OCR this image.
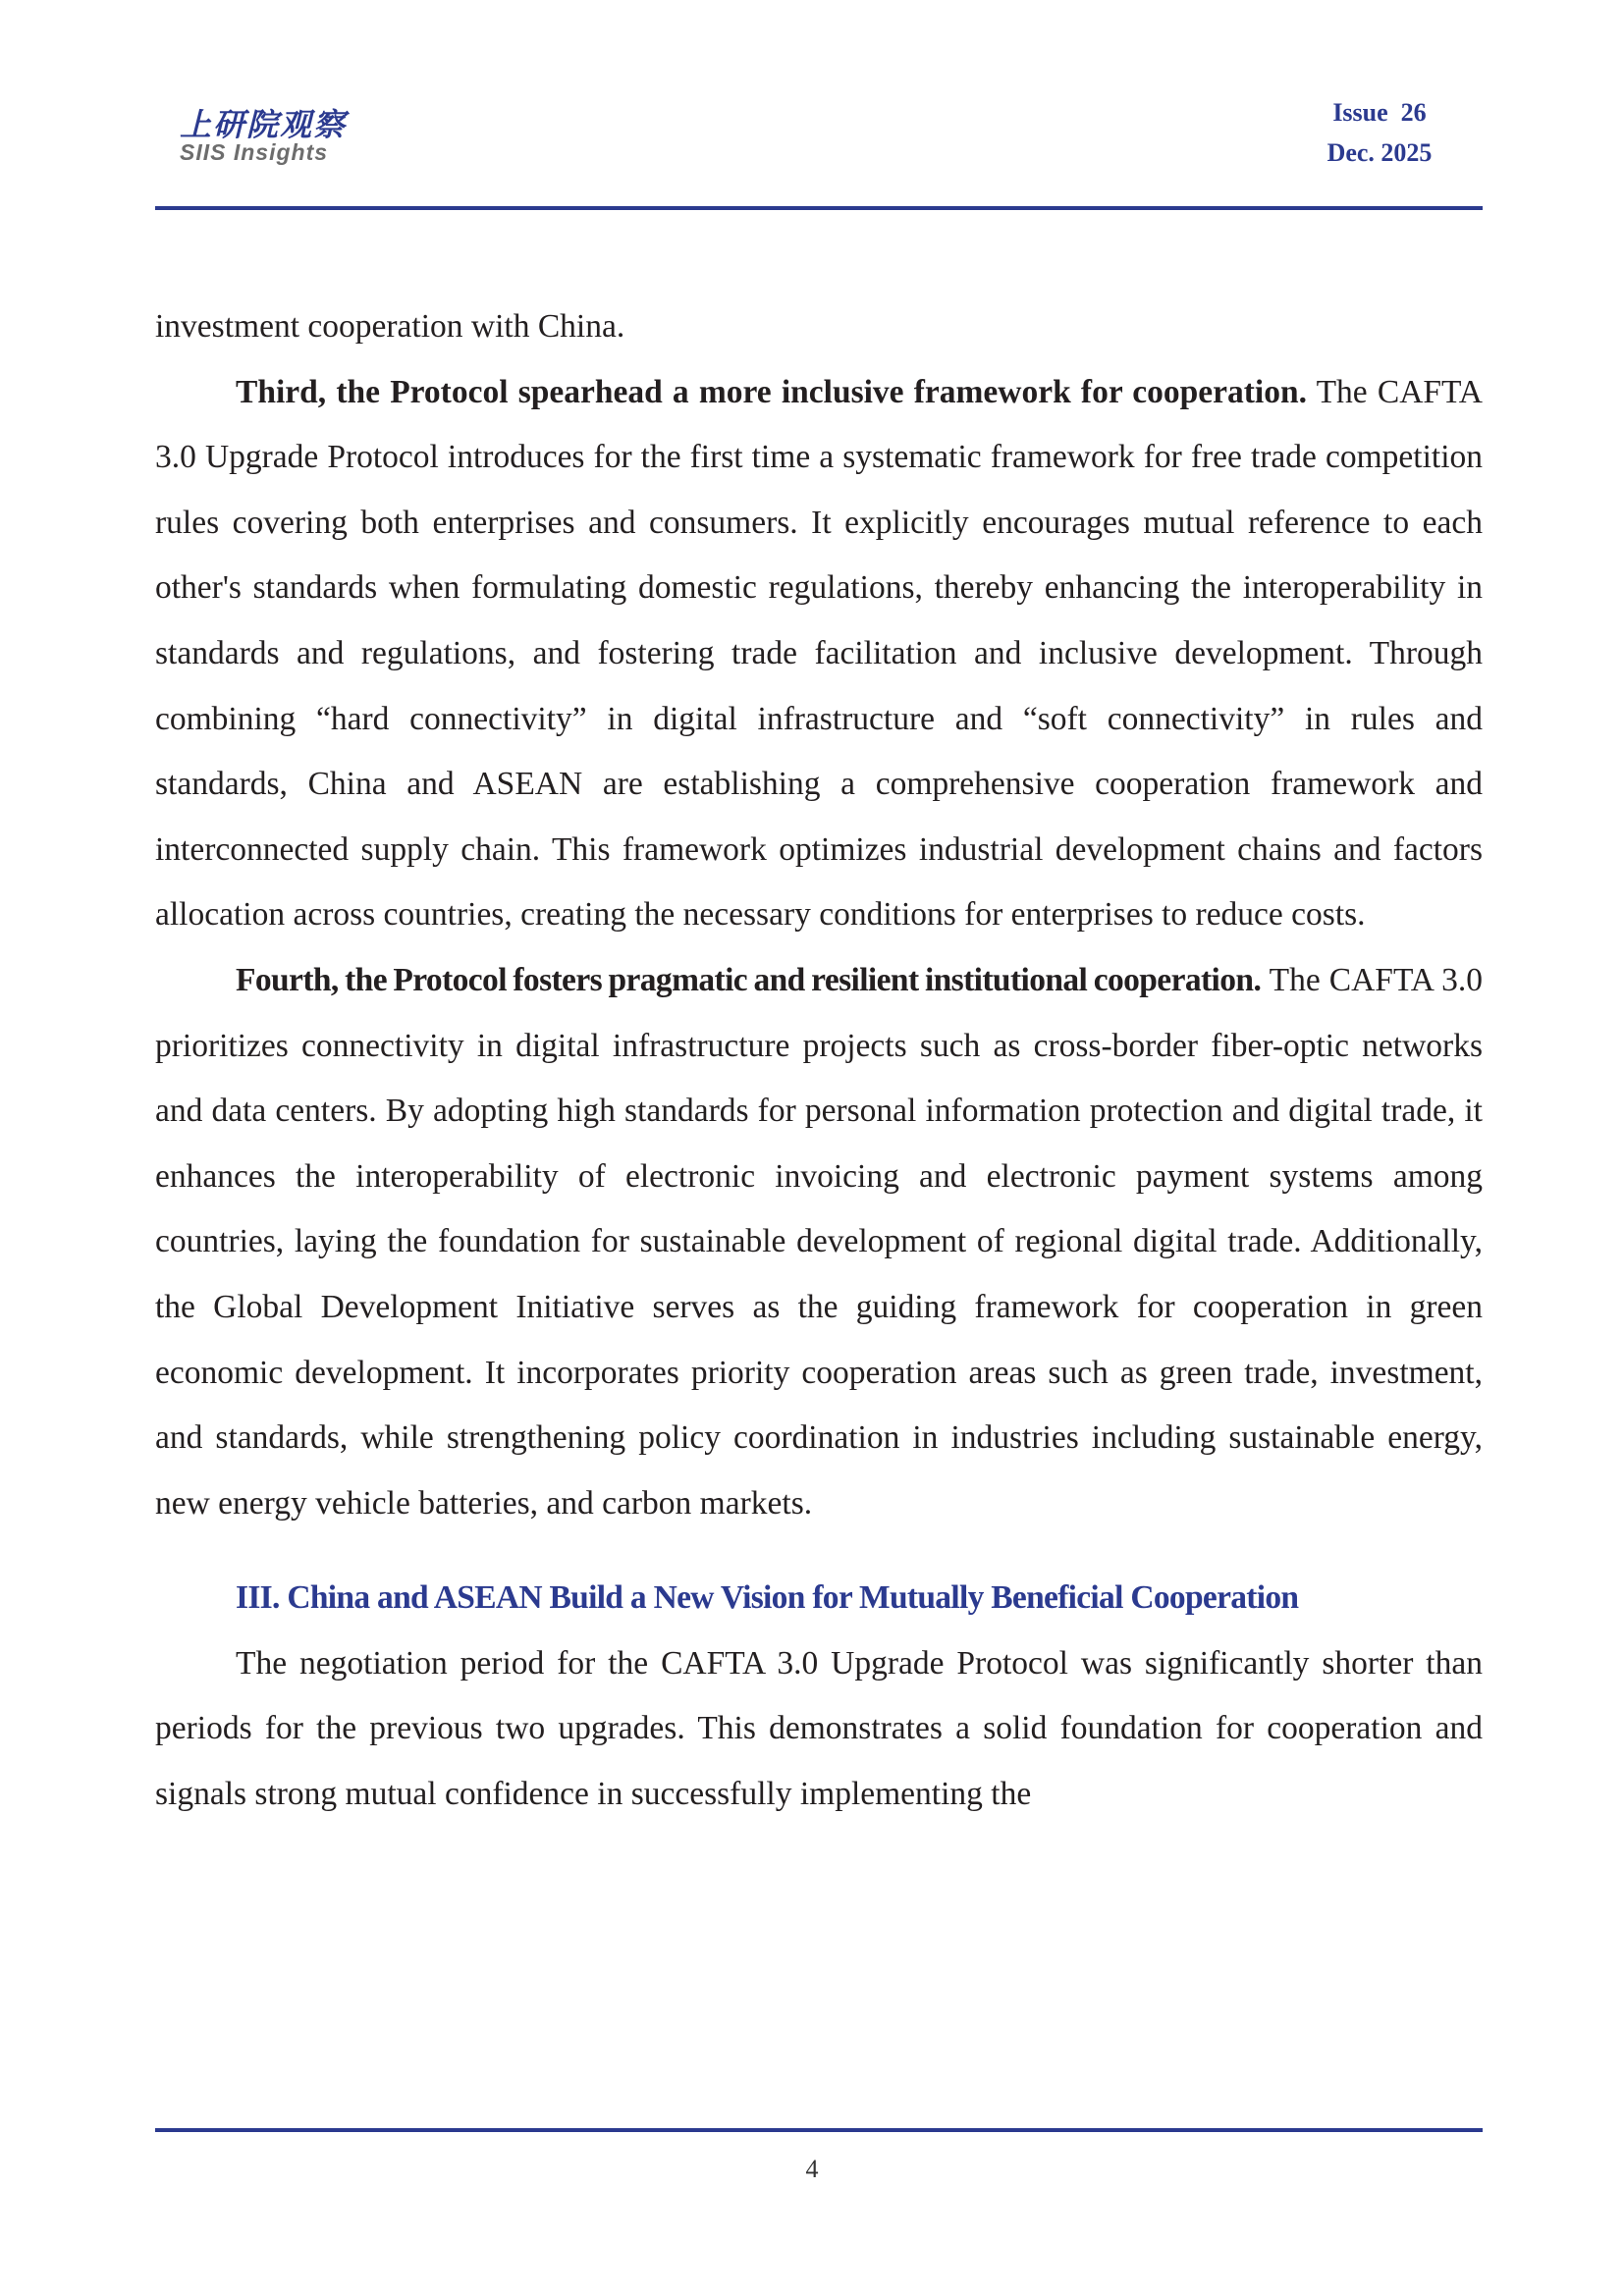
上研院观察
SIIS Insights
Issue  26
Dec. 2025

investment cooperation with China.

Third, the Protocol spearhead a more inclusive framework for cooperation. The CAFTA 3.0 Upgrade Protocol introduces for the first time a systematic framework for free trade competition rules covering both enterprises and consumers. It explicitly encourages mutual reference to each other's standards when formulating domestic regulations, thereby enhancing the interoperability in standards and regulations, and fostering trade facilitation and inclusive development. Through combining “hard connectivity” in digital infrastructure and “soft connectivity” in rules and standards, China and ASEAN are establishing a comprehensive cooperation framework and interconnected supply chain. This framework optimizes industrial development chains and factors allocation across countries, creating the necessary conditions for enterprises to reduce costs.

Fourth, the Protocol fosters pragmatic and resilient institutional cooperation. The CAFTA 3.0 prioritizes connectivity in digital infrastructure projects such as cross-border fiber-optic networks and data centers. By adopting high standards for personal information protection and digital trade, it enhances the interoperability of electronic invoicing and electronic payment systems among countries, laying the foundation for sustainable development of regional digital trade. Additionally, the Global Development Initiative serves as the guiding framework for cooperation in green economic development. It incorporates priority cooperation areas such as green trade, investment, and standards, while strengthening policy coordination in industries including sustainable energy, new energy vehicle batteries, and carbon markets.

III. China and ASEAN Build a New Vision for Mutually Beneficial Cooperation

The negotiation period for the CAFTA 3.0 Upgrade Protocol was significantly shorter than periods for the previous two upgrades. This demonstrates a solid foundation for cooperation and signals strong mutual confidence in successfully implementing the

4
